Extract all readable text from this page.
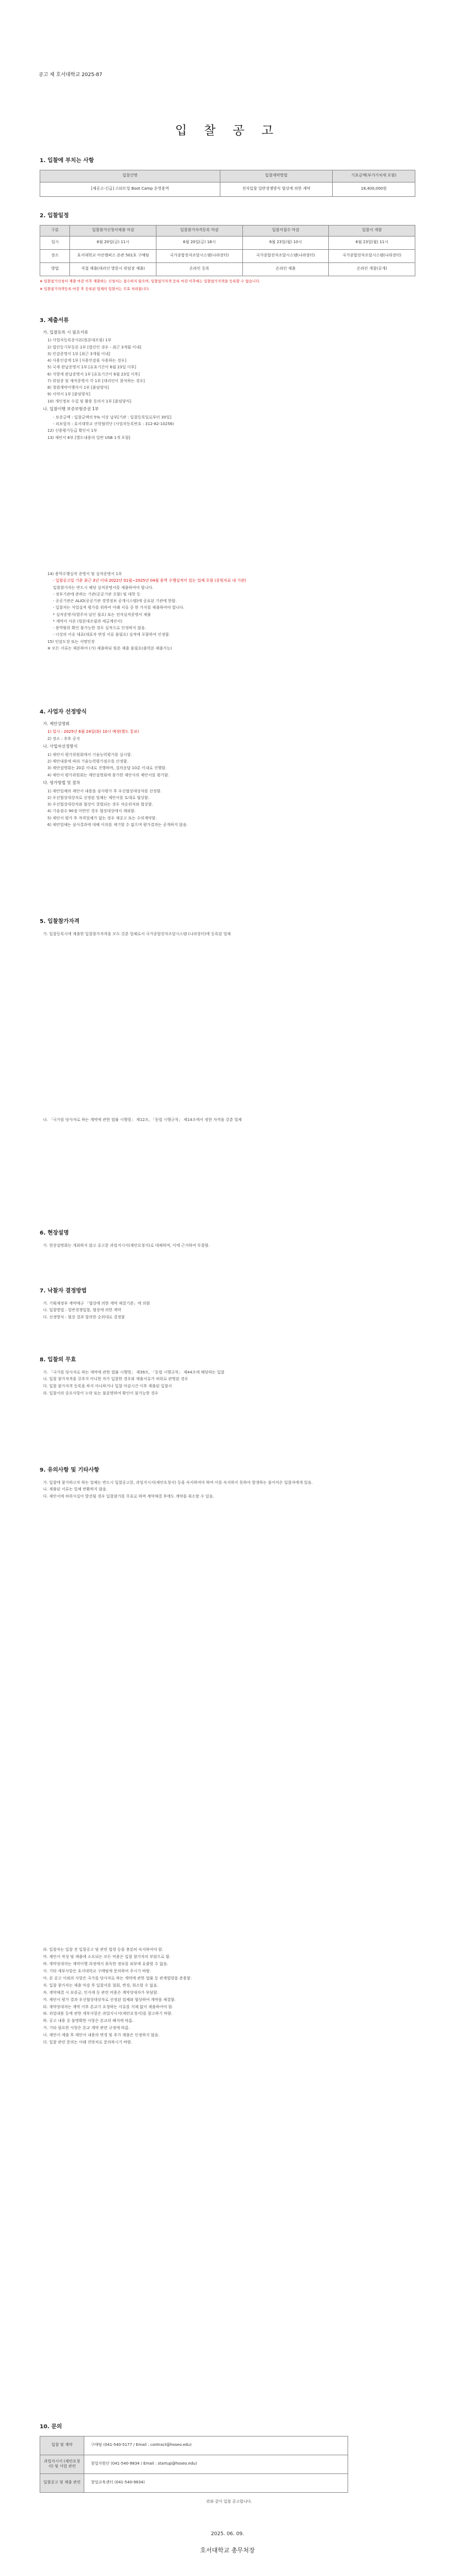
공고 제 호서대학교 2025-87
입 찰 공 고
1. 입찰에 부치는 사항
입찰건명	입찰계약방법	기초금액(부가가치세 포함)
[재공고-긴급] 스타트업 Boot Camp 운영용역	전자입찰 일반경쟁방식 협상에 의한 계약	18,400,000원
2. 입찰일정
구분	입찰참가신청서제출 마감	입찰참가자격등록 마감	입찰서접수 마감	입찰서 개찰
일시	6월 20일(금) 11시	6월 20일(금) 18시	6월 23일(월) 10시	6월 23일(월) 11시
장소	호서대학교 아산캠퍼스 본관 501호 구매팀	국가종합전자조달시스템(나라장터)	국가종합전자조달시스템(나라장터)	국가종합전자조달시스템(나라장터)
방법	직접 제출(대리인 방문시 위임장 제출)	온라인 등록	온라인 제출	온라인 개찰(공개)
※ 입찰참가신청서 제출 마감 이후 제출하는 신청서는 접수하지 않으며, 입찰참가자격 등록 마감 이후에는 입찰참가자격을 등록할 수 없습니다.
※ 입찰참가자격등록 마감 후 등록된 업체의 입찰서는 무효 처리됩니다.
3. 제출서류
가. 입찰등록 시 필요서류
1) 사업자등록증사본(원본대조필) 1부
2) 법인등기부등본 1부 [법인인 경우 - 최근 3개월 이내]
3) 인감증명서 1부 [최근 3개월 이내]
4) 사용인감계 1부 [사용인감을 사용하는 경우]
5) 국세 완납증명서 1부 [유효기간이 6월 23일 이후]
6) 지방세 완납증명서 1부 [유효기간이 6월 23일 이후]
7) 위임장 및 재직증명서 각 1부 [대리인이 참석하는 경우]
8) 청렴계약이행각서 1부 [붙임양식]
9) 서약서 1부 [붙임양식]
10) 개인정보 수집 및 활용 동의서 1부 [붙임양식]
나. 입찰이행 보증보험증권 1부
- 보증금액 : 입찰금액의 5% 이상 납부[기관 : 입찰등록일로부터 30일]
- 피보험자 : 호서대학교 산학협력단 (사업자등록번호 : 312-82-10256)
12) 신용평가등급 확인서 1부
13) 제안서 6부 [별도내용의 일반 USB 1개 포함]
14) 용역수행실적 증명서 및 실적증명서 1부
- 입찰공고일 기준 최근 3년 이내 2022년 01월~2025년 04월 용역 수행실적이 있는 업체 포함 (증빙자료 내 기관)
입찰참가자는 반드시 해당 실적증명서를 제출하여야 합니다.
- 정부기관에 준하는 기관(공공기관 포함) 및 대학 등
- 공공기관은 ALIO(공공기관 경영정보 공개시스템)에 공표된 기관에 한함.
- 입찰자는 석업실적 평가를 위하여 아래 서류 중 한 가지를 제출하여야 합니다.
* 실적증명서(발주처 날인 필요) 또는 전자실적증명서 제출
* 계약서 사본 (원본대조필과 세금계산서)
- 용역범위 확인 불가능한 경우 실적으로 인정하지 않음.
- 너상의 이유 대표(대표자 변경 서류 불필요) 실적에 포함하여 인정함.
15) 인감도장 또는 서명인장
※ 모든 서류는 제본하여 (가) 제출하되 원본 제출 불필요(출력본 제출가능)
4. 사업자 선정방식
가. 제안설명회
1) 일시 : 2025년 6월 24일(화) 10시 예정(별도 통보)
2) 장소 : 추후 공지
나. 사업자선정방식
1) 제안서 평가위원회에서 기술능력평가를 실시함.
2) 제안내용에 따라 기술능력평가점수를 산정함.
3) 제안설명회는 20분 이내로 진행하며, 질의응답 10분 이내로 진행함.
4) 제안서 평가위원회는 제안설명회에 참가한 제안사의 제안서를 평가함.
다. 평가방법 및 절차
1) 제안업체의 제안서 내용을 심사평가 후 우선협상대상자를 선정함.
2) 우선협상대상자로 선정된 업체는 제안서를 토대로 협상함.
3) 우선협상대상자와 협상이 결렬되는 경우 차순위자와 협상함.
4) 기술점수 90점 미만인 경우 협상대상에서 제외함.
5) 제안서 평가 후 적격업체가 없는 경우 재공고 또는 수의계약함.
6) 제안업체는 심사결과에 대해 이의를 제기할 수 없으며 평가결과는 공개하지 않음.
5. 입찰참가자격
가. 입찰등록시에 제출한 입찰참가자격을 모두 갖춘 업체로서 국가종합전자조달시스템 (나라장터)에 등록된 업체
나. 「국가를 당사자로 하는 계약에 관한 법률 시행령」 제12조, 「동법 시행규칙」 제14조에서 정한 자격을 갖춘 업체
6. 현장설명
가. 현장설명회는 개최하지 않고 공고문 과업지시서(제안요청서)로 대체하며, 이에 근거하여 투찰함.
7. 낙찰자 결정방법
가. 기획재정부 계약예규 「협상에 의한 계약 체결기준」에 의함
나. 입찰방법 : 일반경쟁입찰, 협상에 의한 계약
다. 선정방식 : 협상 결과 합의한 순위대로 결정함
8. 입찰의 무효
가. 「국가를 당사자로 하는 계약에 관한 법률 시행령」 제39조, 「동법 시행규칙」 제44조에 해당하는 입찰
나. 입찰 참가자격을 갖추지 아니한 자가 입찰한 경우와 제출서류가 허위로 판명된 경우
다. 입찰 참가자격 등록을 하지 아니하거나 입찰 마감시간 이후 제출된 입찰서
라. 입찰서의 중요사항이 누락 또는 불분명하여 확인이 불가능한 경우
9. 유의사항 및 기타사항
가. 입찰에 참가하고자 하는 업체는 반드시 입찰공고문, 과업지시서(제안요청서) 등을 숙지하여야 하며 이를 숙지하지 못하여 발생하는 불이익은 입찰자에게 있음.
나. 제출된 서류는 일체 반환하지 않음.
다. 제안서에 허위사실이 발견될 경우 입찰참가를 무효로 하며 계약체결 후에도 계약을 취소할 수 있음.
라. 입찰자는 입찰 전 입찰공고 및 관련 법령 등을 충분히 숙지하여야 함.
마. 제안서 작성 및 제출에 소요되는 모든 비용은 입찰 참가자의 부담으로 함.
바. 계약상대자는 계약이행 과정에서 취득한 정보를 외부에 유출할 수 없음.
사. 기타 세부사항은 호서대학교 구매팀에 문의하여 주시기 바람.
아. 본 공고 이외의 사항은 국가를 당사자로 하는 계약에 관한 법률 등 관계법령을 준용함.
자. 입찰 참가자는 제출 마감 후 입찰서를 철회, 변경, 취소할 수 없음.
차. 계약체결 시 보증금, 인지세 등 관련 비용은 계약상대자가 부담함.
카. 제안서 평가 결과 우선협상대상자로 선정된 업체와 협상하여 계약을 체결함.
타. 계약상대자는 계약 이후 본교가 요청하는 서류를 지체 없이 제출하여야 함.
파. 과업내용 등에 관한 세부사항은 과업지시서(제안요청서)를 참고하기 바람.
하. 공고 내용 중 불명확한 사항은 본교의 해석에 따름.
거. 기타 필요한 사항은 본교 계약 관련 규정에 따름.
너. 제안서 제출 후 제안서 내용의 변경 및 추가 제출은 인정하지 않음.
더. 입찰 관련 문의는 아래 연락처로 문의하시기 바람.
10. 문의
입찰 및 계약	구매팀 (041-540-5177 / Email : contract@hoseo.edu)
과업지시서 (제안요청서) 및 사업 관련	창업지원단 (041-540-9834 / Email : startup@hoseo.edu)
입찰공고 및 제출 관련	창업교육센터 (041-540-9834)
위와 같이 입찰 공고합니다.
2025. 06. 09.
호서대학교 총무처장
